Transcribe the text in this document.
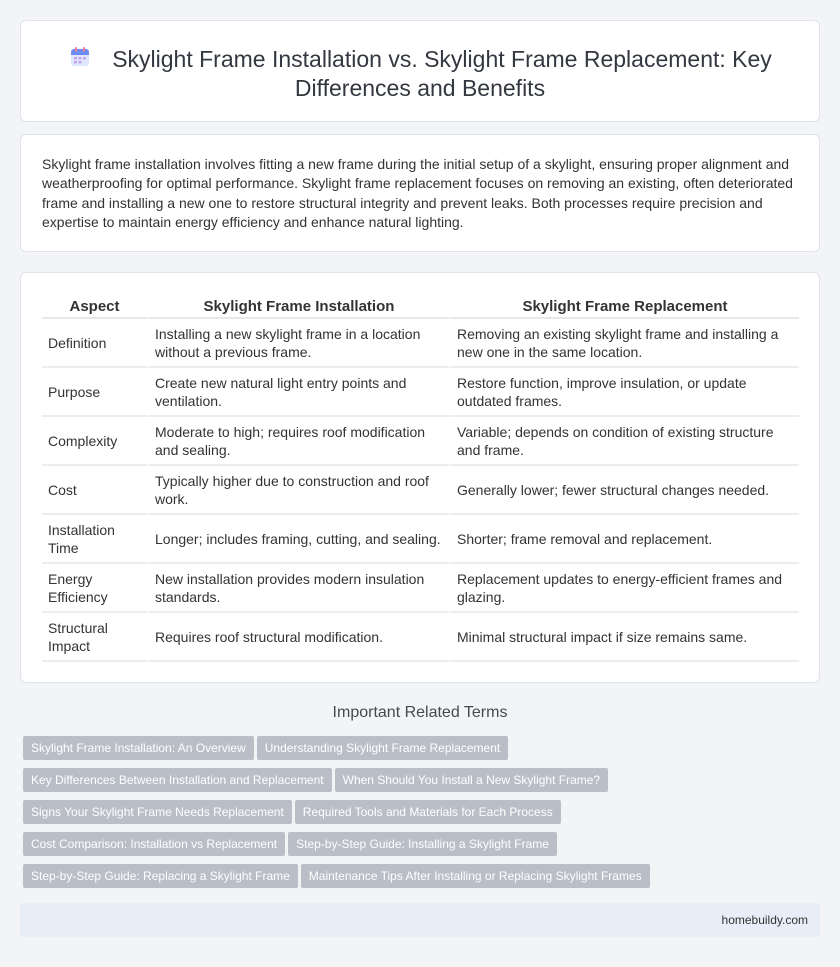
Skylight Frame Installation vs. Skylight Frame Replacement: Key Differences and Benefits

Skylight frame installation involves fitting a new frame during the initial setup of a skylight, ensuring proper alignment and weatherproofing for optimal performance. Skylight frame replacement focuses on removing an existing, often deteriorated frame and installing a new one to restore structural integrity and prevent leaks. Both processes require precision and expertise to maintain energy efficiency and enhance natural lighting.

Aspect	Skylight Frame Installation	Skylight Frame Replacement
Definition	Installing a new skylight frame in a location without a previous frame.	Removing an existing skylight frame and installing a new one in the same location.
Purpose	Create new natural light entry points and ventilation.	Restore function, improve insulation, or update outdated frames.
Complexity	Moderate to high; requires roof modification and sealing.	Variable; depends on condition of existing structure and frame.
Cost	Typically higher due to construction and roof work.	Generally lower; fewer structural changes needed.
Installation Time	Longer; includes framing, cutting, and sealing.	Shorter; frame removal and replacement.
Energy Efficiency	New installation provides modern insulation standards.	Replacement updates to energy-efficient frames and glazing.
Structural Impact	Requires roof structural modification.	Minimal structural impact if size remains same.
Important Related Terms
Skylight Frame Installation: An Overview Understanding Skylight Frame Replacement
Key Differences Between Installation and Replacement When Should You Install a New Skylight Frame?
Signs Your Skylight Frame Needs Replacement Required Tools and Materials for Each Process
Cost Comparison: Installation vs Replacement Step-by-Step Guide: Installing a Skylight Frame
Step-by-Step Guide: Replacing a Skylight Frame Maintenance Tips After Installing or Replacing Skylight Frames
homebuildy.com
